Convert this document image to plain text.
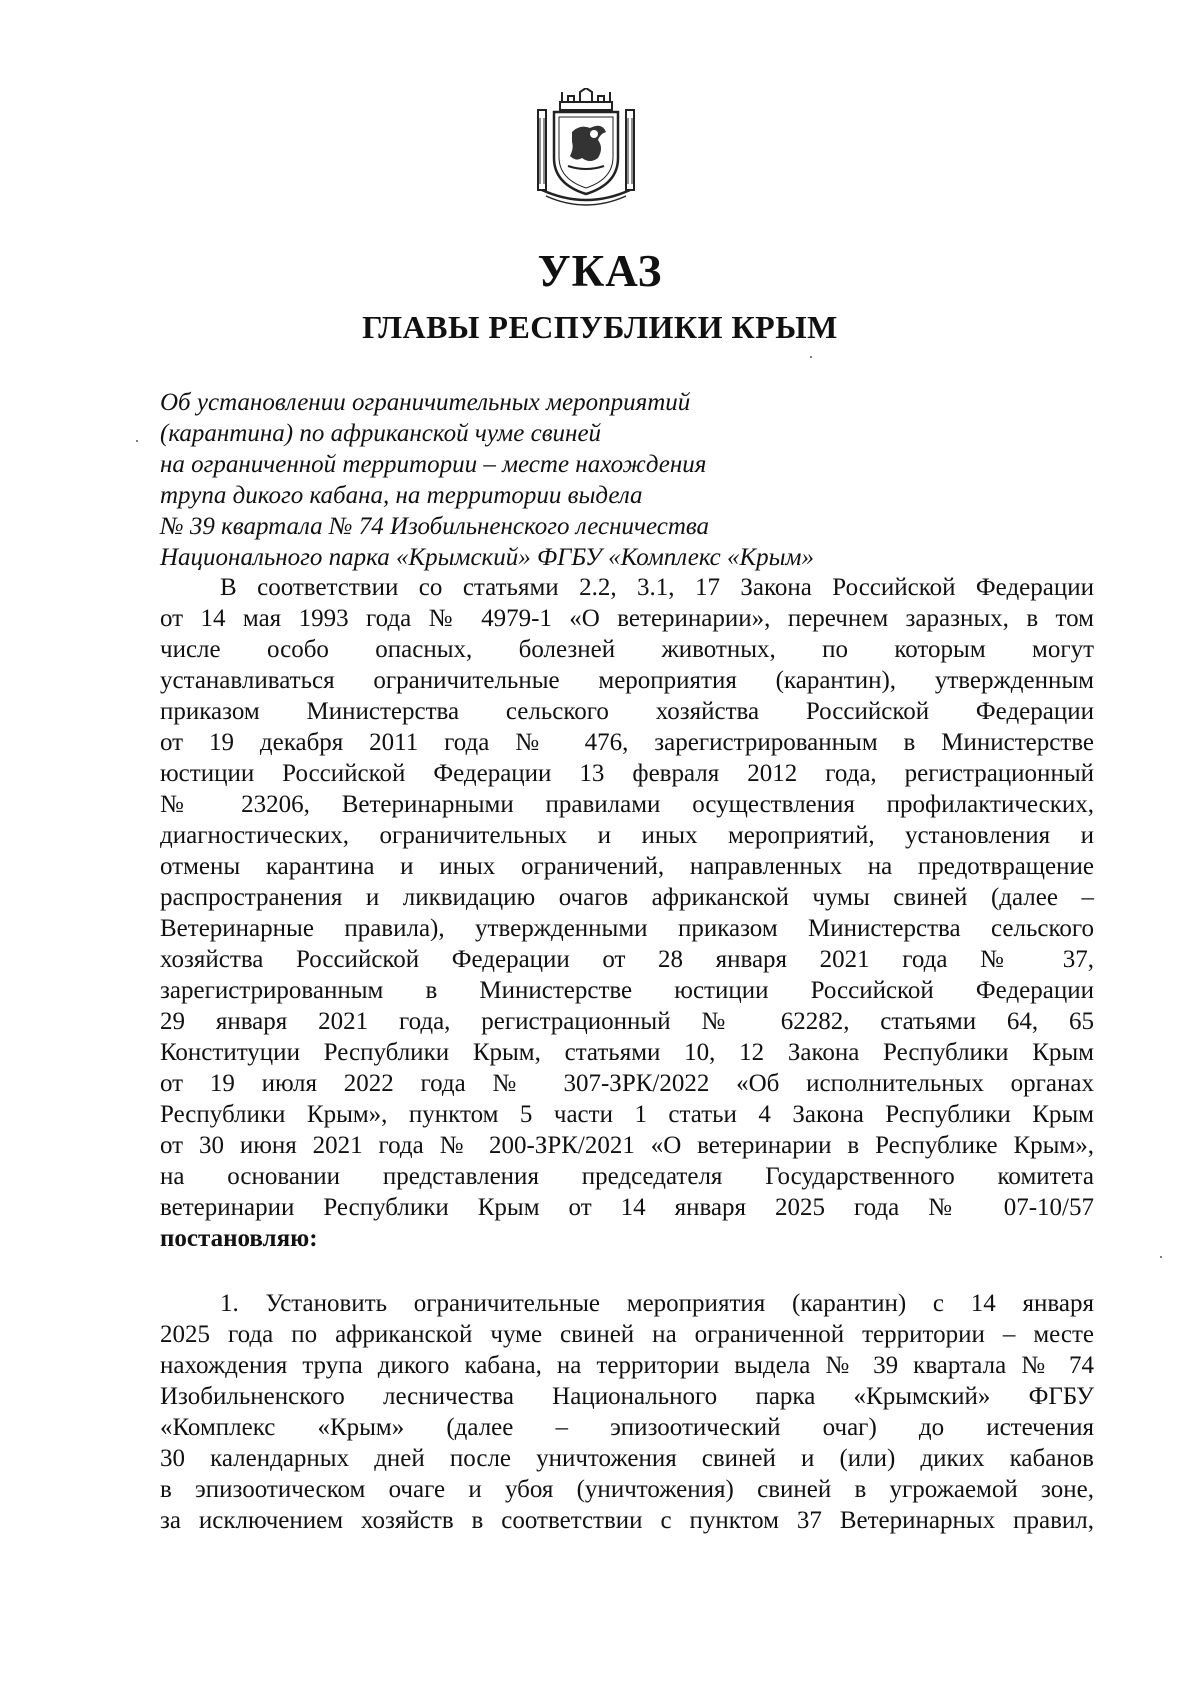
УКАЗ
ГЛАВЫ РЕСПУБЛИКИ КРЫМ
Об установлении ограничительных мероприятий
(карантина) по африканской чуме свиней
на ограниченной территории – месте нахождения
трупа дикого кабана, на территории выдела
№ 39 квартала № 74 Изобильненского лесничества
Национального парка «Крымский» ФГБУ «Комплекс «Крым»
В соответствии со статьями 2.2, 3.1, 17 Закона Российской Федерации
от 14 мая 1993 года № 4979-1 «О ветеринарии», перечнем заразных, в том
числе особо опасных, болезней животных, по которым могут
устанавливаться ограничительные мероприятия (карантин), утвержденным
приказом Министерства сельского хозяйства Российской Федерации
от 19 декабря 2011 года № 476, зарегистрированным в Министерстве
юстиции Российской Федерации 13 февраля 2012 года, регистрационный
№ 23206, Ветеринарными правилами осуществления профилактических,
диагностических, ограничительных и иных мероприятий, установления и
отмены карантина и иных ограничений, направленных на предотвращение
распространения и ликвидацию очагов африканской чумы свиней (далее –
Ветеринарные правила), утвержденными приказом Министерства сельского
хозяйства Российской Федерации от 28 января 2021 года № 37,
зарегистрированным в Министерстве юстиции Российской Федерации
29 января 2021 года, регистрационный № 62282, статьями 64, 65
Конституции Республики Крым, статьями 10, 12 Закона Республики Крым
от 19 июля 2022 года № 307-ЗРК/2022 «Об исполнительных органах
Республики Крым», пунктом 5 части 1 статьи 4 Закона Республики Крым
от 30 июня 2021 года № 200-ЗРК/2021 «О ветеринарии в Республике Крым»,
на основании представления председателя Государственного комитета
ветеринарии Республики Крым от 14 января 2025 года № 07-10/57
постановляю:
1. Установить ограничительные мероприятия (карантин) с 14 января
2025 года по африканской чуме свиней на ограниченной территории – месте
нахождения трупа дикого кабана, на территории выдела № 39 квартала № 74
Изобильненского лесничества Национального парка «Крымский» ФГБУ
«Комплекс «Крым» (далее – эпизоотический очаг) до истечения
30 календарных дней после уничтожения свиней и (или) диких кабанов
в эпизоотическом очаге и убоя (уничтожения) свиней в угрожаемой зоне,
за исключением хозяйств в соответствии с пунктом 37 Ветеринарных правил,
